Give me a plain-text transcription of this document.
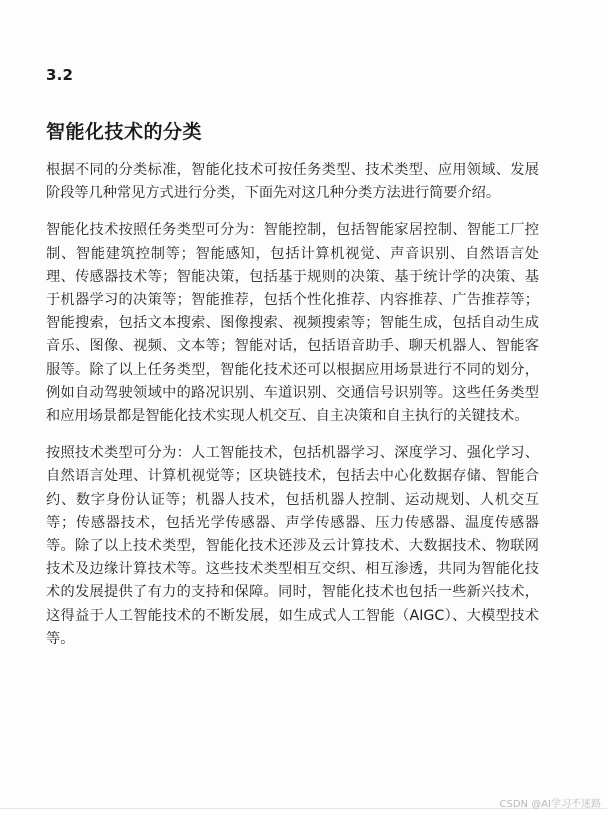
3.2
智能化技术的分类

根据不同的分类标准，智能化技术可按任务类型、技术类型、应用领域、发展阶段等几种常见方式进行分类，下面先对这几种分类方法进行简要介绍。

智能化技术按照任务类型可分为：智能控制，包括智能家居控制、智能工厂控制、智能建筑控制等；智能感知，包括计算机视觉、声音识别、自然语言处理、传感器技术等；智能决策，包括基于规则的决策、基于统计学的决策、基于机器学习的决策等；智能推荐，包括个性化推荐、内容推荐、广告推荐等；智能搜索，包括文本搜索、图像搜索、视频搜索等；智能生成，包括自动生成音乐、图像、视频、文本等；智能对话，包括语音助手、聊天机器人、智能客服等。除了以上任务类型，智能化技术还可以根据应用场景进行不同的划分，例如自动驾驶领域中的路况识别、车道识别、交通信号识别等。这些任务类型和应用场景都是智能化技术实现人机交互、自主决策和自主执行的关键技术。

按照技术类型可分为：人工智能技术，包括机器学习、深度学习、强化学习、自然语言处理、计算机视觉等；区块链技术，包括去中心化数据存储、智能合约、数字身份认证等；机器人技术，包括机器人控制、运动规划、人机交互等；传感器技术，包括光学传感器、声学传感器、压力传感器、温度传感器等。除了以上技术类型，智能化技术还涉及云计算技术、大数据技术、物联网技术及边缘计算技术等。这些技术类型相互交织、相互渗透，共同为智能化技术的发展提供了有力的支持和保障。同时，智能化技术也包括一些新兴技术，这得益于人工智能技术的不断发展，如生成式人工智能（AIGC）、大模型技术等。

CSDN @AI学习不迷路
